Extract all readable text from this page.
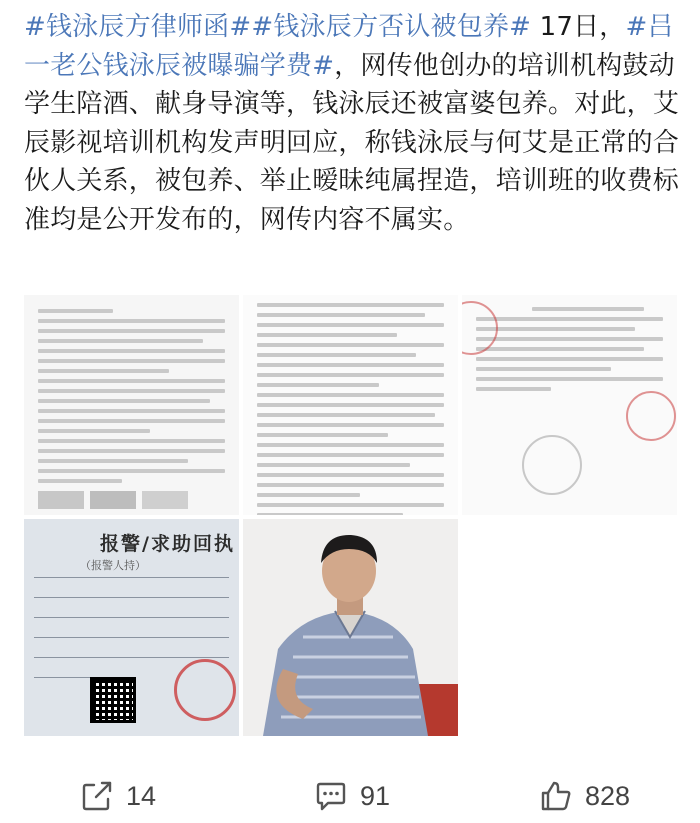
#钱泳辰方律师函##钱泳辰方否认被包养# 17日，#吕一老公钱泳辰被曝骗学费#，网传他创办的培训机构鼓动学生陪酒、献身导演等，钱泳辰还被富婆包养。对此，艾辰影视培训机构发声明回应，称钱泳辰与何艾是正常的合伙人关系，被包养、举止暧昧纯属捏造，培训班的收费标准均是公开发布的，网传内容不属实。
报警/求助回执
（报警人持）
14	91	828
